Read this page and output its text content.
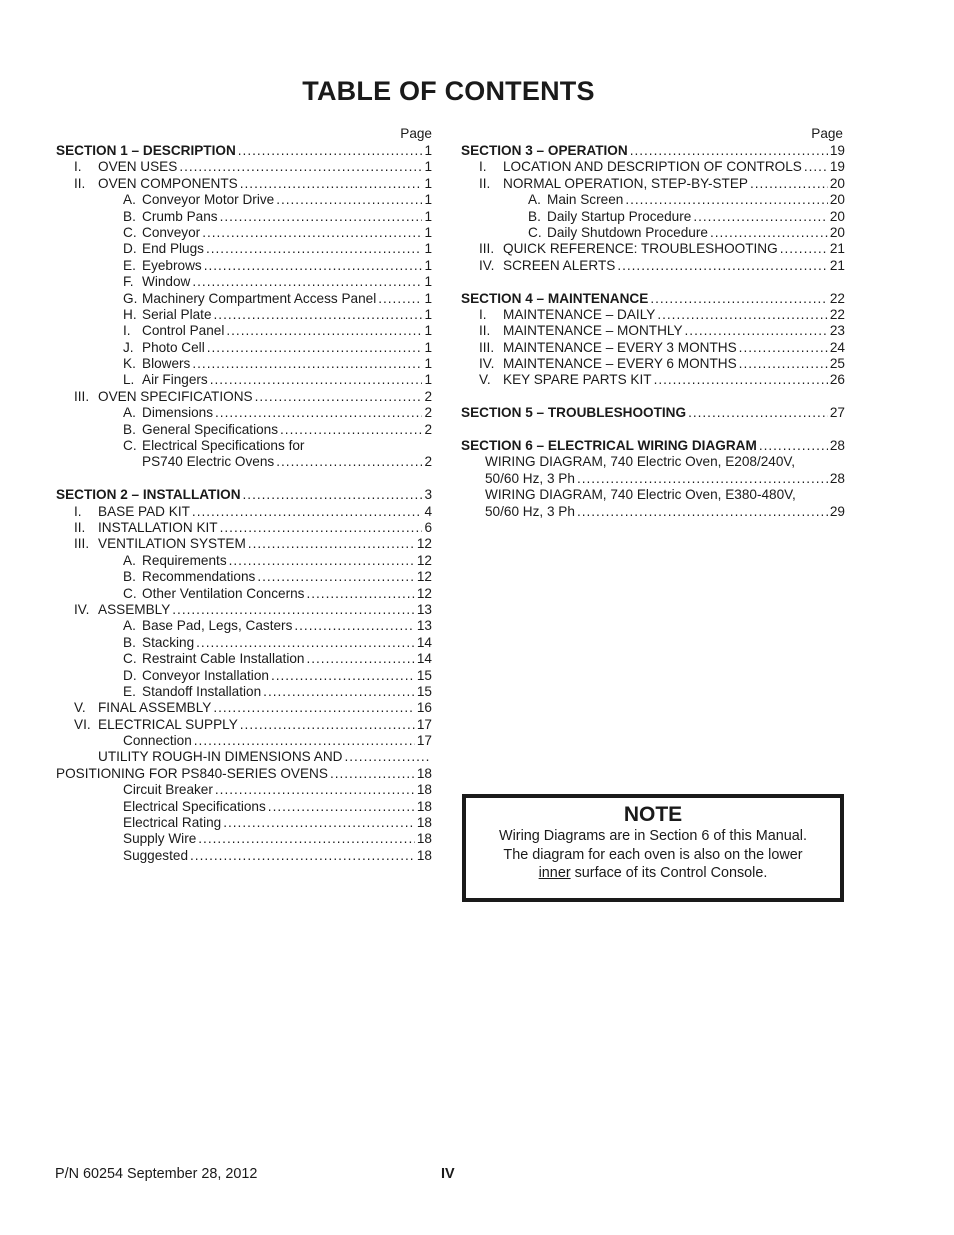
TABLE OF CONTENTS
Page
SECTION 1 – DESCRIPTION .....	1
I. OVEN USES .....	1
II. OVEN COMPONENTS .....	1
A. Conveyor Motor Drive .....	1
B. Crumb Pans .....	1
C. Conveyor .....	1
D. End Plugs .....	1
E. Eyebrows .....	1
F. Window .....	1
G. Machinery Compartment Access Panel .....	1
H. Serial Plate .....	1
I. Control Panel .....	1
J. Photo Cell .....	1
K. Blowers .....	1
L. Air Fingers .....	1
III. OVEN SPECIFICATIONS .....	2
A. Dimensions .....	2
B. General Specifications .....	2
C. Electrical Specifications for
PS740 Electric Ovens .....	2
SECTION 2 – INSTALLATION .....	3
I. BASE PAD KIT .....	4
II. INSTALLATION KIT .....	6
III. VENTILATION SYSTEM .....	12
A. Requirements .....	12
B. Recommendations .....	12
C. Other Ventilation Concerns .....	12
IV. ASSEMBLY .....	13
A. Base Pad, Legs, Casters .....	13
B. Stacking .....	14
C. Restraint Cable Installation .....	14
D. Conveyor Installation .....	15
E. Standoff Installation .....	15
V. FINAL ASSEMBLY .....	16
VI. ELECTRICAL SUPPLY .....	17
Connection .....	17
UTILITY ROUGH-IN DIMENSIONS AND
.....
POSITIONING FOR PS840-SERIES OVENS .....	18
Circuit Breaker .....	18
Electrical Specifications .....	18
Electrical Rating .....	18
Supply Wire .....	18
Suggested .....	18
Page
SECTION 3 – OPERATION .....	19
I. LOCATION AND DESCRIPTION OF CONTROLS ..... 19
II. NORMAL OPERATION, STEP-BY-STEP .....	20
A. Main Screen .....	20
B. Daily Startup Procedure .....	20
C. Daily Shutdown Procedure .....	20
III. QUICK REFERENCE: TROUBLESHOOTING .....	21
IV. SCREEN ALERTS .....	21
SECTION 4 – MAINTENANCE .....	22
I. MAINTENANCE – DAILY .....	22
II. MAINTENANCE – MONTHLY .....	23
III. MAINTENANCE – EVERY 3 MONTHS .....	24
IV. MAINTENANCE – EVERY 6 MONTHS .....	25
V. KEY SPARE PARTS KIT .....	26
SECTION 5 – TROUBLESHOOTING .....	27
SECTION 6 – ELECTRICAL WIRING DIAGRAM .....	28
WIRING DIAGRAM, 740 Electric Oven, E208/240V,
50/60 Hz, 3 Ph .....	28
WIRING DIAGRAM, 740 Electric Oven, E380-480V,
50/60 Hz, 3 Ph .....	29
NOTE
Wiring Diagrams are in Section 6 of this Manual.
The diagram for each oven is also on the lower
inner surface of its Control Console.
P/N 60254 September 28, 2012	IV
